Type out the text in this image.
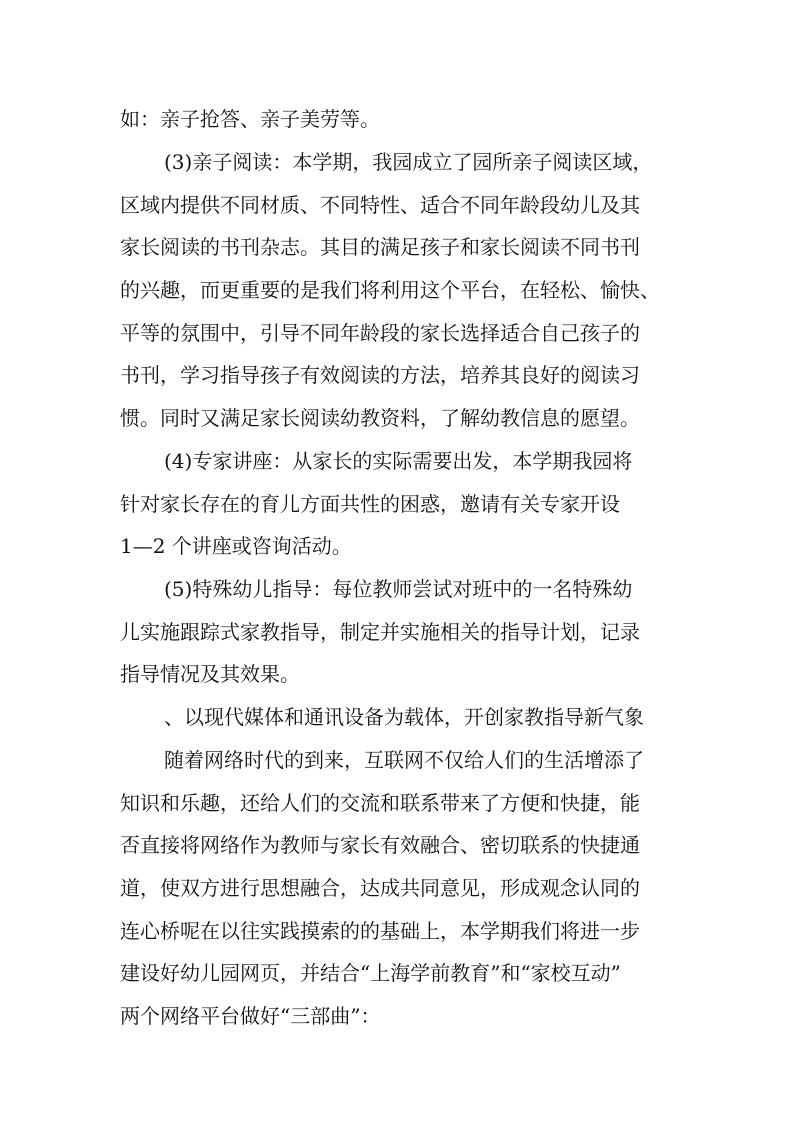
如：亲子抢答、亲子美劳等。
(3)亲子阅读：本学期，我园成立了园所亲子阅读区域，
区域内提供不同材质、不同特性、适合不同年龄段幼儿及其
家长阅读的书刊杂志。其目的满足孩子和家长阅读不同书刊
的兴趣，而更重要的是我们将利用这个平台，在轻松、愉快、
平等的氛围中，引导不同年龄段的家长选择适合自己孩子的
书刊，学习指导孩子有效阅读的方法，培养其良好的阅读习
惯。同时又满足家长阅读幼教资料，了解幼教信息的愿望。
(4)专家讲座：从家长的实际需要出发，本学期我园将
针对家长存在的育儿方面共性的困惑，邀请有关专家开设
1—2 个讲座或咨询活动。
(5)特殊幼儿指导：每位教师尝试对班中的一名特殊幼
儿实施跟踪式家教指导，制定并实施相关的指导计划，记录
指导情况及其效果。
、以现代媒体和通讯设备为载体，开创家教指导新气象
随着网络时代的到来，互联网不仅给人们的生活增添了
知识和乐趣，还给人们的交流和联系带来了方便和快捷，能
否直接将网络作为教师与家长有效融合、密切联系的快捷通
道，使双方进行思想融合，达成共同意见，形成观念认同的
连心桥呢在以往实践摸索的的基础上，本学期我们将进一步
建设好幼儿园网页，并结合“上海学前教育”和“家校互动”
两个网络平台做好“三部曲”：
